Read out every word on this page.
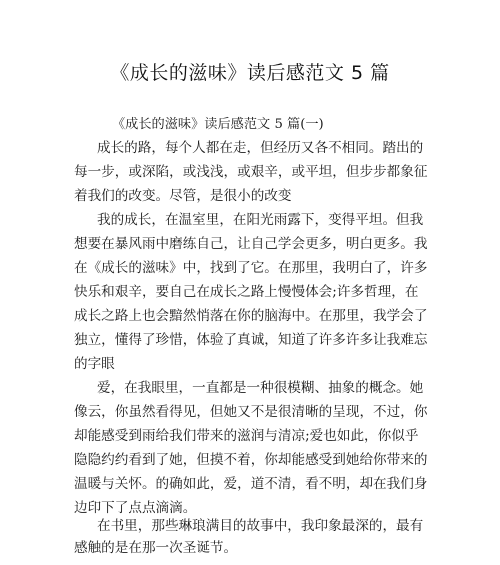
《成长的滋味》读后感范文 5 篇
《成长的滋味》读后感范文 5 篇(一)
成长的路，每个人都在走，但经历又各不相同。踏出的
每一步，或深陷，或浅浅，或艰辛，或平坦，但步步都象征
着我们的改变。尽管，是很小的改变
我的成长，在温室里，在阳光雨露下，变得平坦。但我
想要在暴风雨中磨练自己，让自己学会更多，明白更多。我
在《成长的滋味》中，找到了它。在那里，我明白了，许多
快乐和艰辛，要自己在成长之路上慢慢体会;许多哲理，在
成长之路上也会黯然悄落在你的脑海中。在那里，我学会了
独立，懂得了珍惜，体验了真诚，知道了许多许多让我难忘
的字眼
爱，在我眼里，一直都是一种很模糊、抽象的概念。她
像云，你虽然看得见，但她又不是很清晰的呈现，不过，你
却能感受到雨给我们带来的滋润与清凉;爱也如此，你似乎
隐隐约约看到了她，但摸不着，你却能感受到她给你带来的
温暖与关怀。的确如此，爱，道不清，看不明，却在我们身
边印下了点点滴滴。
在书里，那些琳琅满目的故事中，我印象最深的，最有
感触的是在那一次圣诞节。
